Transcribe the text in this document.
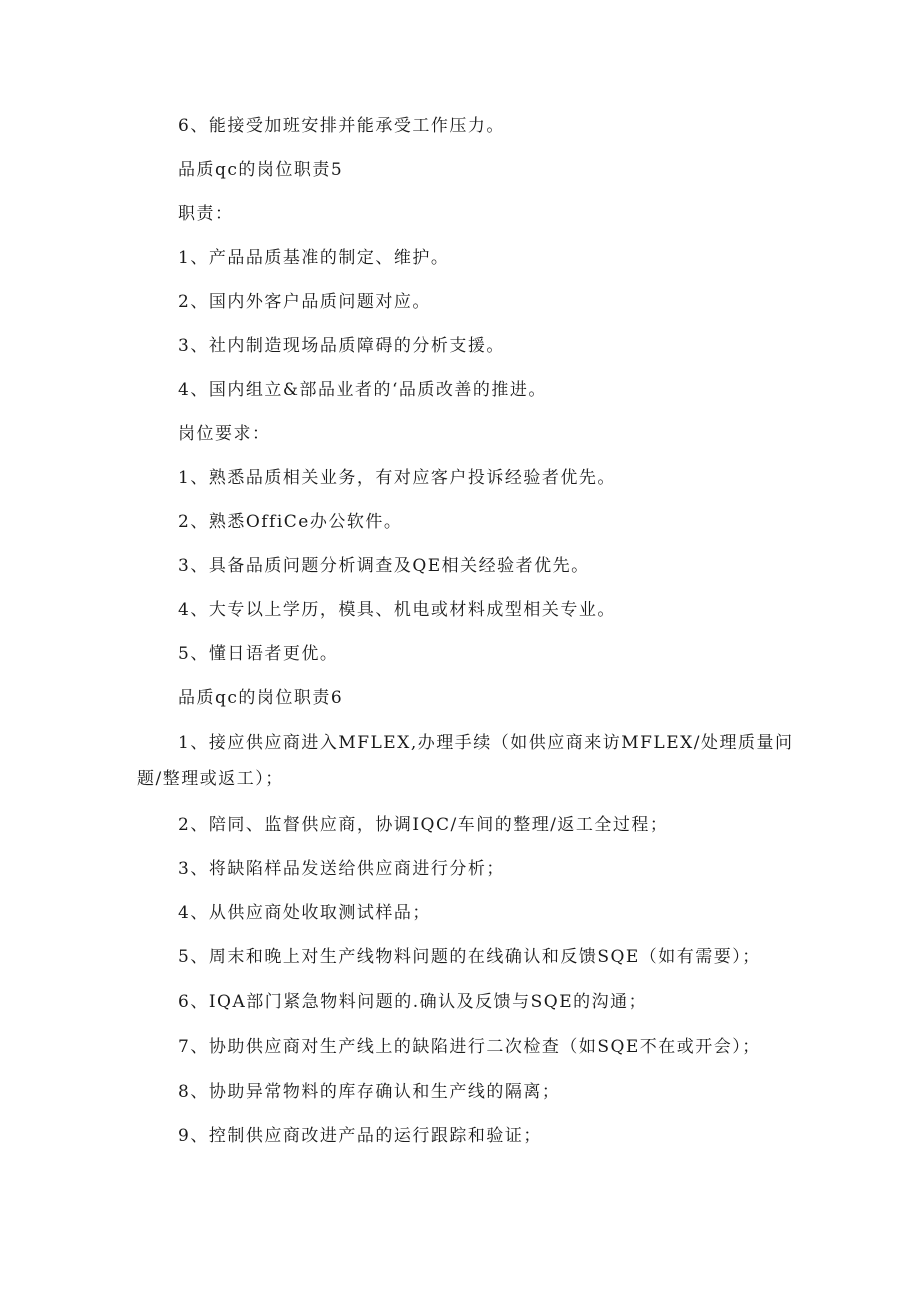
6、能接受加班安排并能承受工作压力。
品质qc的岗位职责5
职责：
1、产品品质基准的制定、维护。
2、国内外客户品质问题对应。
3、社内制造现场品质障碍的分析支援。
4、国内组立&部品业者的‘品质改善的推进。
岗位要求：
1、熟悉品质相关业务，有对应客户投诉经验者优先。
2、熟悉OffiCe办公软件。
3、具备品质问题分析调查及QE相关经验者优先。
4、大专以上学历，模具、机电或材料成型相关专业。
5、懂日语者更优。
品质qc的岗位职责6
1、接应供应商进入MFLEX,办理手续（如供应商来访MFLEX/处理质量问
题/整理或返工）；
2、陪同、监督供应商，协调IQC/车间的整理/返工全过程；
3、将缺陷样品发送给供应商进行分析；
4、从供应商处收取测试样品；
5、周末和晚上对生产线物料问题的在线确认和反馈SQE（如有需要）；
6、IQA部门紧急物料问题的.确认及反馈与SQE的沟通；
7、协助供应商对生产线上的缺陷进行二次检查（如SQE不在或开会）；
8、协助异常物料的库存确认和生产线的隔离；
9、控制供应商改进产品的运行跟踪和验证；
